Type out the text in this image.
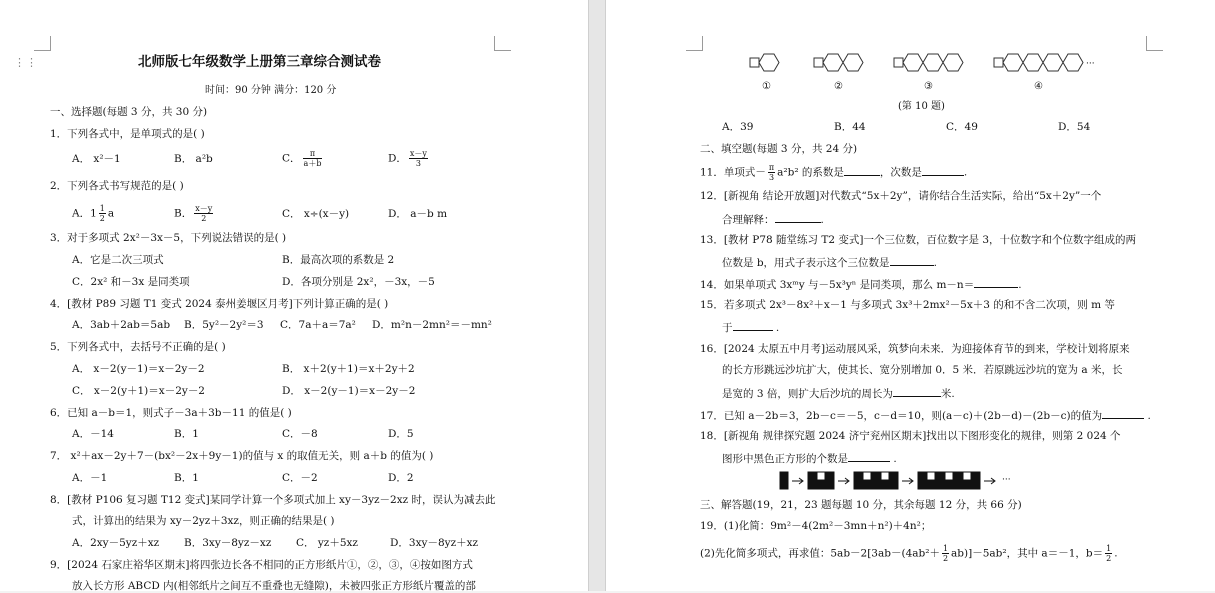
⋮⋮	北师版七年级数学上册第三章综合测试卷
时间：90 分钟 满分：120 分
一、选择题(每题 3 分，共 30 分)
1．下列各式中，是单项式的是( )
A． x²－1	B． a²b	C． $\frac{\pi}{a+b}$	D． $\frac{x-y}{3}$
2．下列各式书写规范的是( )
A．$1 \frac{1}{2}$ a	B． $\frac{x-y}{2}$	C． x÷(x－y)	D． a－b m
3．对于多项式 2x²－3x－5，下列说法错误的是( )
A．它是二次三项式	B．最高次项的系数是 2
C．2x² 和－3x 是同类项	D．各项分别是 2x²，－3x，－5
4．[教材 P89 习题 T1 变式 2024 泰州姜堰区月考]下列计算正确的是( )
A．3ab＋2ab＝5ab B．5y²－2y²＝3 C．7a＋a＝7a² D．m²n－2mn²＝－mn²
5．下列各式中，去括号不正确的是( )
A． x－2(y－1)＝x－2y－2	B． x＋2(y＋1)＝x＋2y＋2
C． x－2(y＋1)＝x－2y－2	D． x－2(y－1)＝x－2y－2
6．已知 a－b＝1，则式子－3a＋3b－11 的值是( )
A．－14	B．1	C．－8	D．5
7． x²＋ax－2y＋7－(bx²－2x＋9y－1)的值与 x 的取值无关，则 a＋b 的值为( )
A．－1	B．1	C．－2	D．2
8．[教材 P106 复习题 T12 变式]某同学计算一个多项式加上 xy－3yz－2xz 时，误认为减去此
式，计算出的结果为 xy－2yz＋3xz，则正确的结果是( )
A．2xy－5yz＋xz B．3xy－8yz－xz C． yz＋5xz	D．3xy－8yz＋xz
9．[2024 石家庄裕华区期末]将四张边长各不相同的正方形纸片①，②，③，④按如图方式
放入长方形 ABCD 内(相邻纸片之间互不重叠也无缝隙)，未被四张正方形纸片覆盖的部
···
①	②	③	④
(第 10 题)
A．39	B．44	C．49	D．54
二、填空题(每题 3 分，共 24 分)
11．单项式－ $\frac{\pi}{3} a^2b^2$ 的系数是	，次数是	.
12．[新视角 结论开放题]对代数式“5x＋2y”，请你结合生活实际，给出“5x＋2y”一个
合理解释：	.
13．[教材 P78 随堂练习 T2 变式]一个三位数，百位数字是 3，十位数字和个位数字组成的两
位数是 b，用式子表示这个三位数是	.
14．如果单项式 3xᵐy 与－5x³yⁿ 是同类项，那么 m－n＝	.
15．若多项式 2x³－8x²＋x－1 与多项式 3x³＋2mx²－5x＋3 的和不含二次项，则 m 等
于	.
16．[2024 太原五中月考]运动展风采，筑梦向未来．为迎接体育节的到来，学校计划将原来
的长方形跳远沙坑扩大，使其长、宽分别增加 0．5 米．若原跳远沙坑的宽为 a 米，长
是宽的 3 倍，则扩大后沙坑的周长为	米.
17．已知 a－2b＝3，2b－c＝－5，c－d＝10，则(a－c)＋(2b－d)－(2b－c)的值为	.
18．[新视角 规律探究题 2024 济宁兖州区期末]找出以下图形变化的规律，则第 2 024 个
图形中黑色正方形的个数是	.
···
三、解答题(19，21，23 题每题 10 分，其余每题 12 分，共 66 分)
19．(1)化简：9m²－4(2m²－3mn＋n²)＋4n²；
(2)先化简多项式，再求值：$5ab-2[3ab-(4ab^2+ \frac{1}{2} ab)]-5ab^2$，其中 a＝－1，$b= \frac{1}{2}$ .
